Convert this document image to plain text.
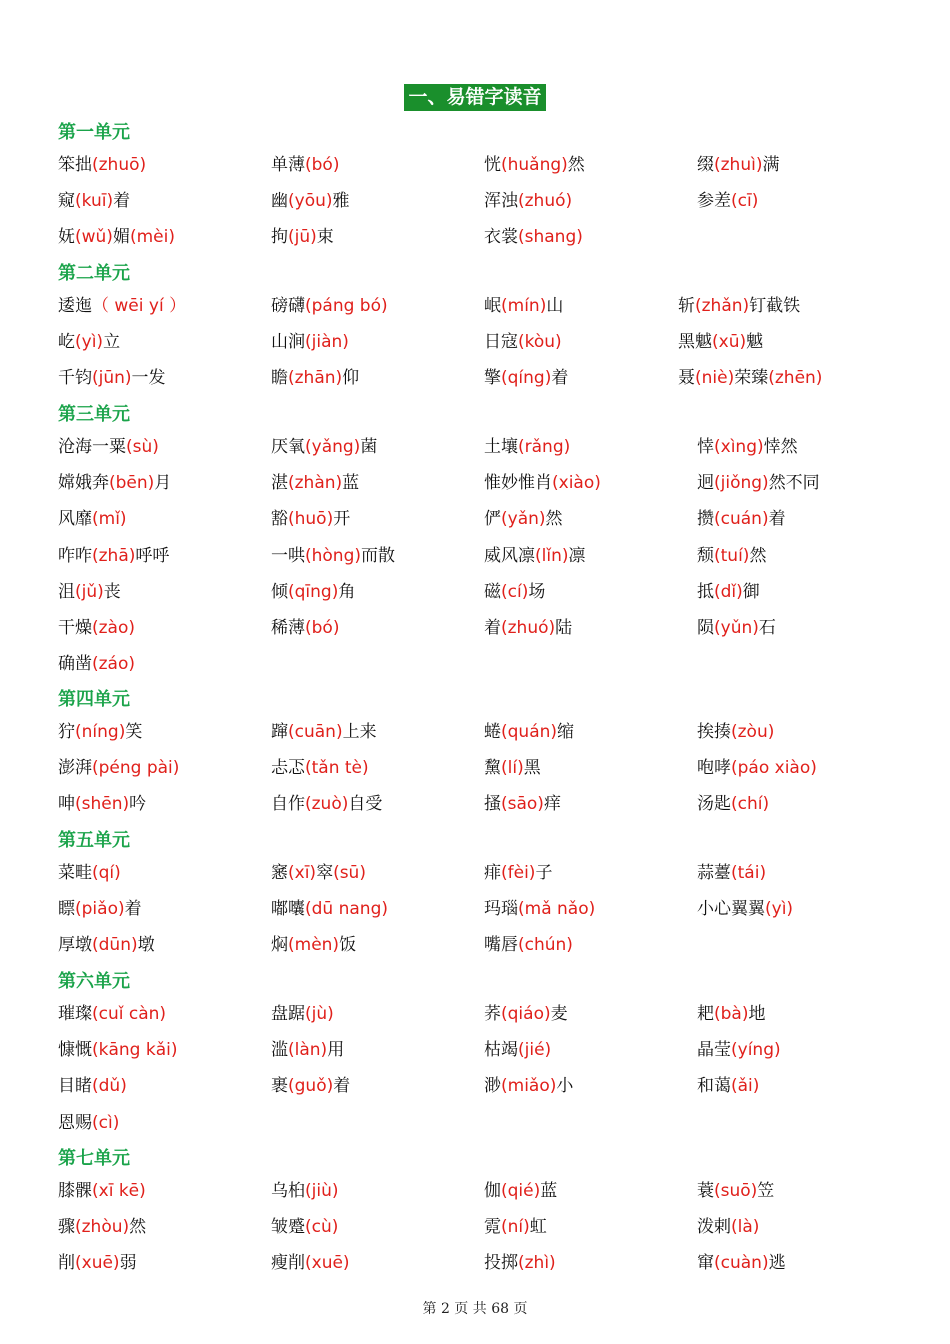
一、易错字读音
第一单元
笨拙(zhuō)	单薄(bó)	恍(huǎng)然	缀(zhuì)满
窥(kuī)着	幽(yōu)雅	浑浊(zhuó)	参差(cī)
妩(wǔ)媚(mèi)	拘(jū)束	衣裳(shang)
第二单元
逶迤（ wēi yí ）	磅礴(páng bó)	岷(mín)山	斩(zhǎn)钉截铁
屹(yì)立	山涧(jiàn)	日寇(kòu)	黑魆(xū)魆
千钧(jūn)一发	瞻(zhān)仰	擎(qíng)着	聂(niè)荣臻(zhēn)
第三单元
沧海一粟(sù)	厌氧(yǎng)菌	土壤(rǎng)	悻(xìng)悻然
嫦娥奔(bēn)月	湛(zhàn)蓝	惟妙惟肖(xiào)	迥(jiǒng)然不同
风靡(mǐ)	豁(huō)开	俨(yǎn)然	攒(cuán)着
咋咋(zhā)呼呼	一哄(hòng)而散	威风凛(lǐn)凛	颓(tuí)然
沮(jǔ)丧	倾(qīng)角	磁(cí)场	抵(dǐ)御
干燥(zào)	稀薄(bó)	着(zhuó)陆	陨(yǔn)石
确凿(záo)
第四单元
狞(níng)笑	蹿(cuān)上来	蜷(quán)缩	挨揍(zòu)
澎湃(péng pài)	忐忑(tǎn tè)	黧(lí)黑	咆哮(páo xiào)
呻(shēn)吟	自作(zuò)自受	搔(sāo)痒	汤匙(chí)
第五单元
菜畦(qí)	窸(xī)窣(sū)	痱(fèi)子	蒜薹(tái)
瞟(piǎo)着	嘟囔(dū nang)	玛瑙(mǎ nǎo)	小心翼翼(yì)
厚墩(dūn)墩	焖(mèn)饭	嘴唇(chún)
第六单元
璀璨(cuǐ càn)	盘踞(jù)	荞(qiáo)麦	耙(bà)地
慷慨(kāng kǎi)	滥(làn)用	枯竭(jié)	晶莹(yíng)
目睹(dǔ)	裹(guǒ)着	渺(miǎo)小	和蔼(ǎi)
恩赐(cì)
第七单元
膝髁(xī kē)	乌桕(jiù)	伽(qié)蓝	蓑(suō)笠
骤(zhòu)然	皱蹙(cù)	霓(ní)虹	泼剌(là)
削(xuē)弱	瘦削(xuē)	投掷(zhì)	窜(cuàn)逃
第 2 页 共 68 页
